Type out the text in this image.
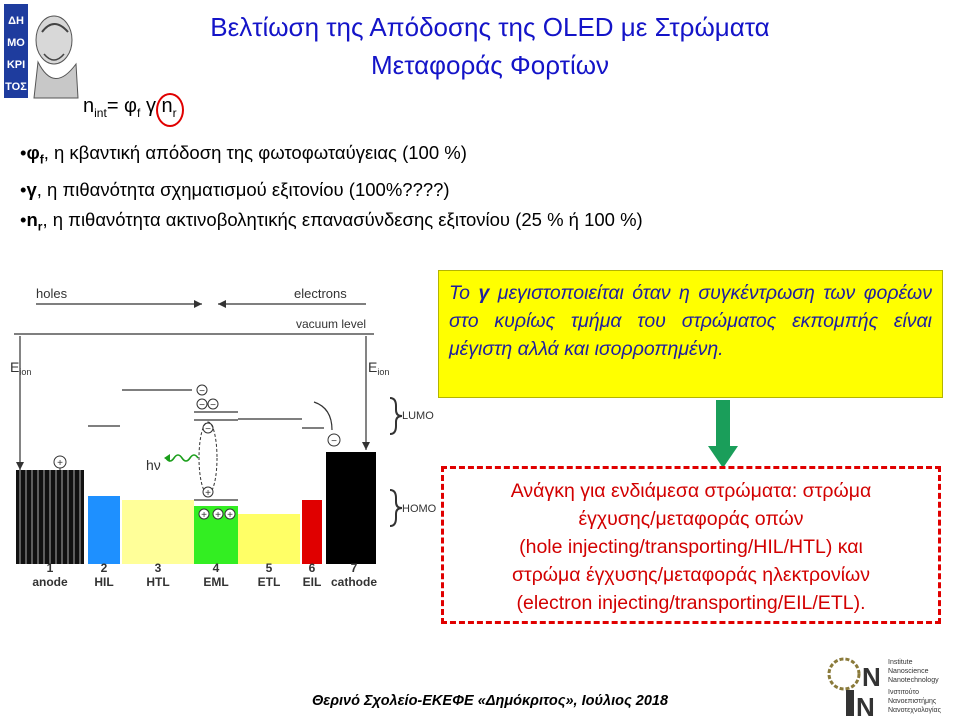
ΔΗ
ΜΟ
ΚΡΙ
ΤΟΣ
Βελτίωση της Απόδοσης της OLED με Στρώματα
Μεταφοράς Φορτίων
$n_{int}= \varphi_f$ γ $n_r$
$•\varphi_f$, η κβαντική απόδοση της φωτοφωταύγειας (100 %)
•γ, η πιθανότητα σχηματισμού εξιτονίου (100%????)
$•n_r$, η πιθανότητα ακτινοβολητικής επανασύνδεσης εξιτονίου (25 % ή 100 %)
holes	electrons
vacuum level
$E_{ion}$	$E_{ion}$
LUMO
HOMO
+
−
− −
−
−
+
+ + +
hν
1
anode
2
HIL
3
HTL
4
EML
5
ETL
6
EIL
7
cathode
Το γ μεγιστοποιείται όταν η συγκέντρωση των φορέων στο κυρίως τμήμα του στρώματος εκπομπής είναι μέγιστη αλλά και ισορροπημένη.
Ανάγκη για ενδιάμεσα στρώματα: στρώμα
έγχυσης/μεταφοράς οπών
(hole injecting/transporting/HIL/HTL) και
στρώμα έγχυσης/μεταφοράς ηλεκτρονίων
(electron injecting/transporting/EIL/ETL).
N
N
Institute
Nanoscience
Nanotechnology
Ινστιτούτο
Νανοεπιστήμης
Νανοτεχνολογίας
Θερινό Σχολείο-ΕΚΕΦΕ «Δημόκριτος», Ιούλιος 2018
